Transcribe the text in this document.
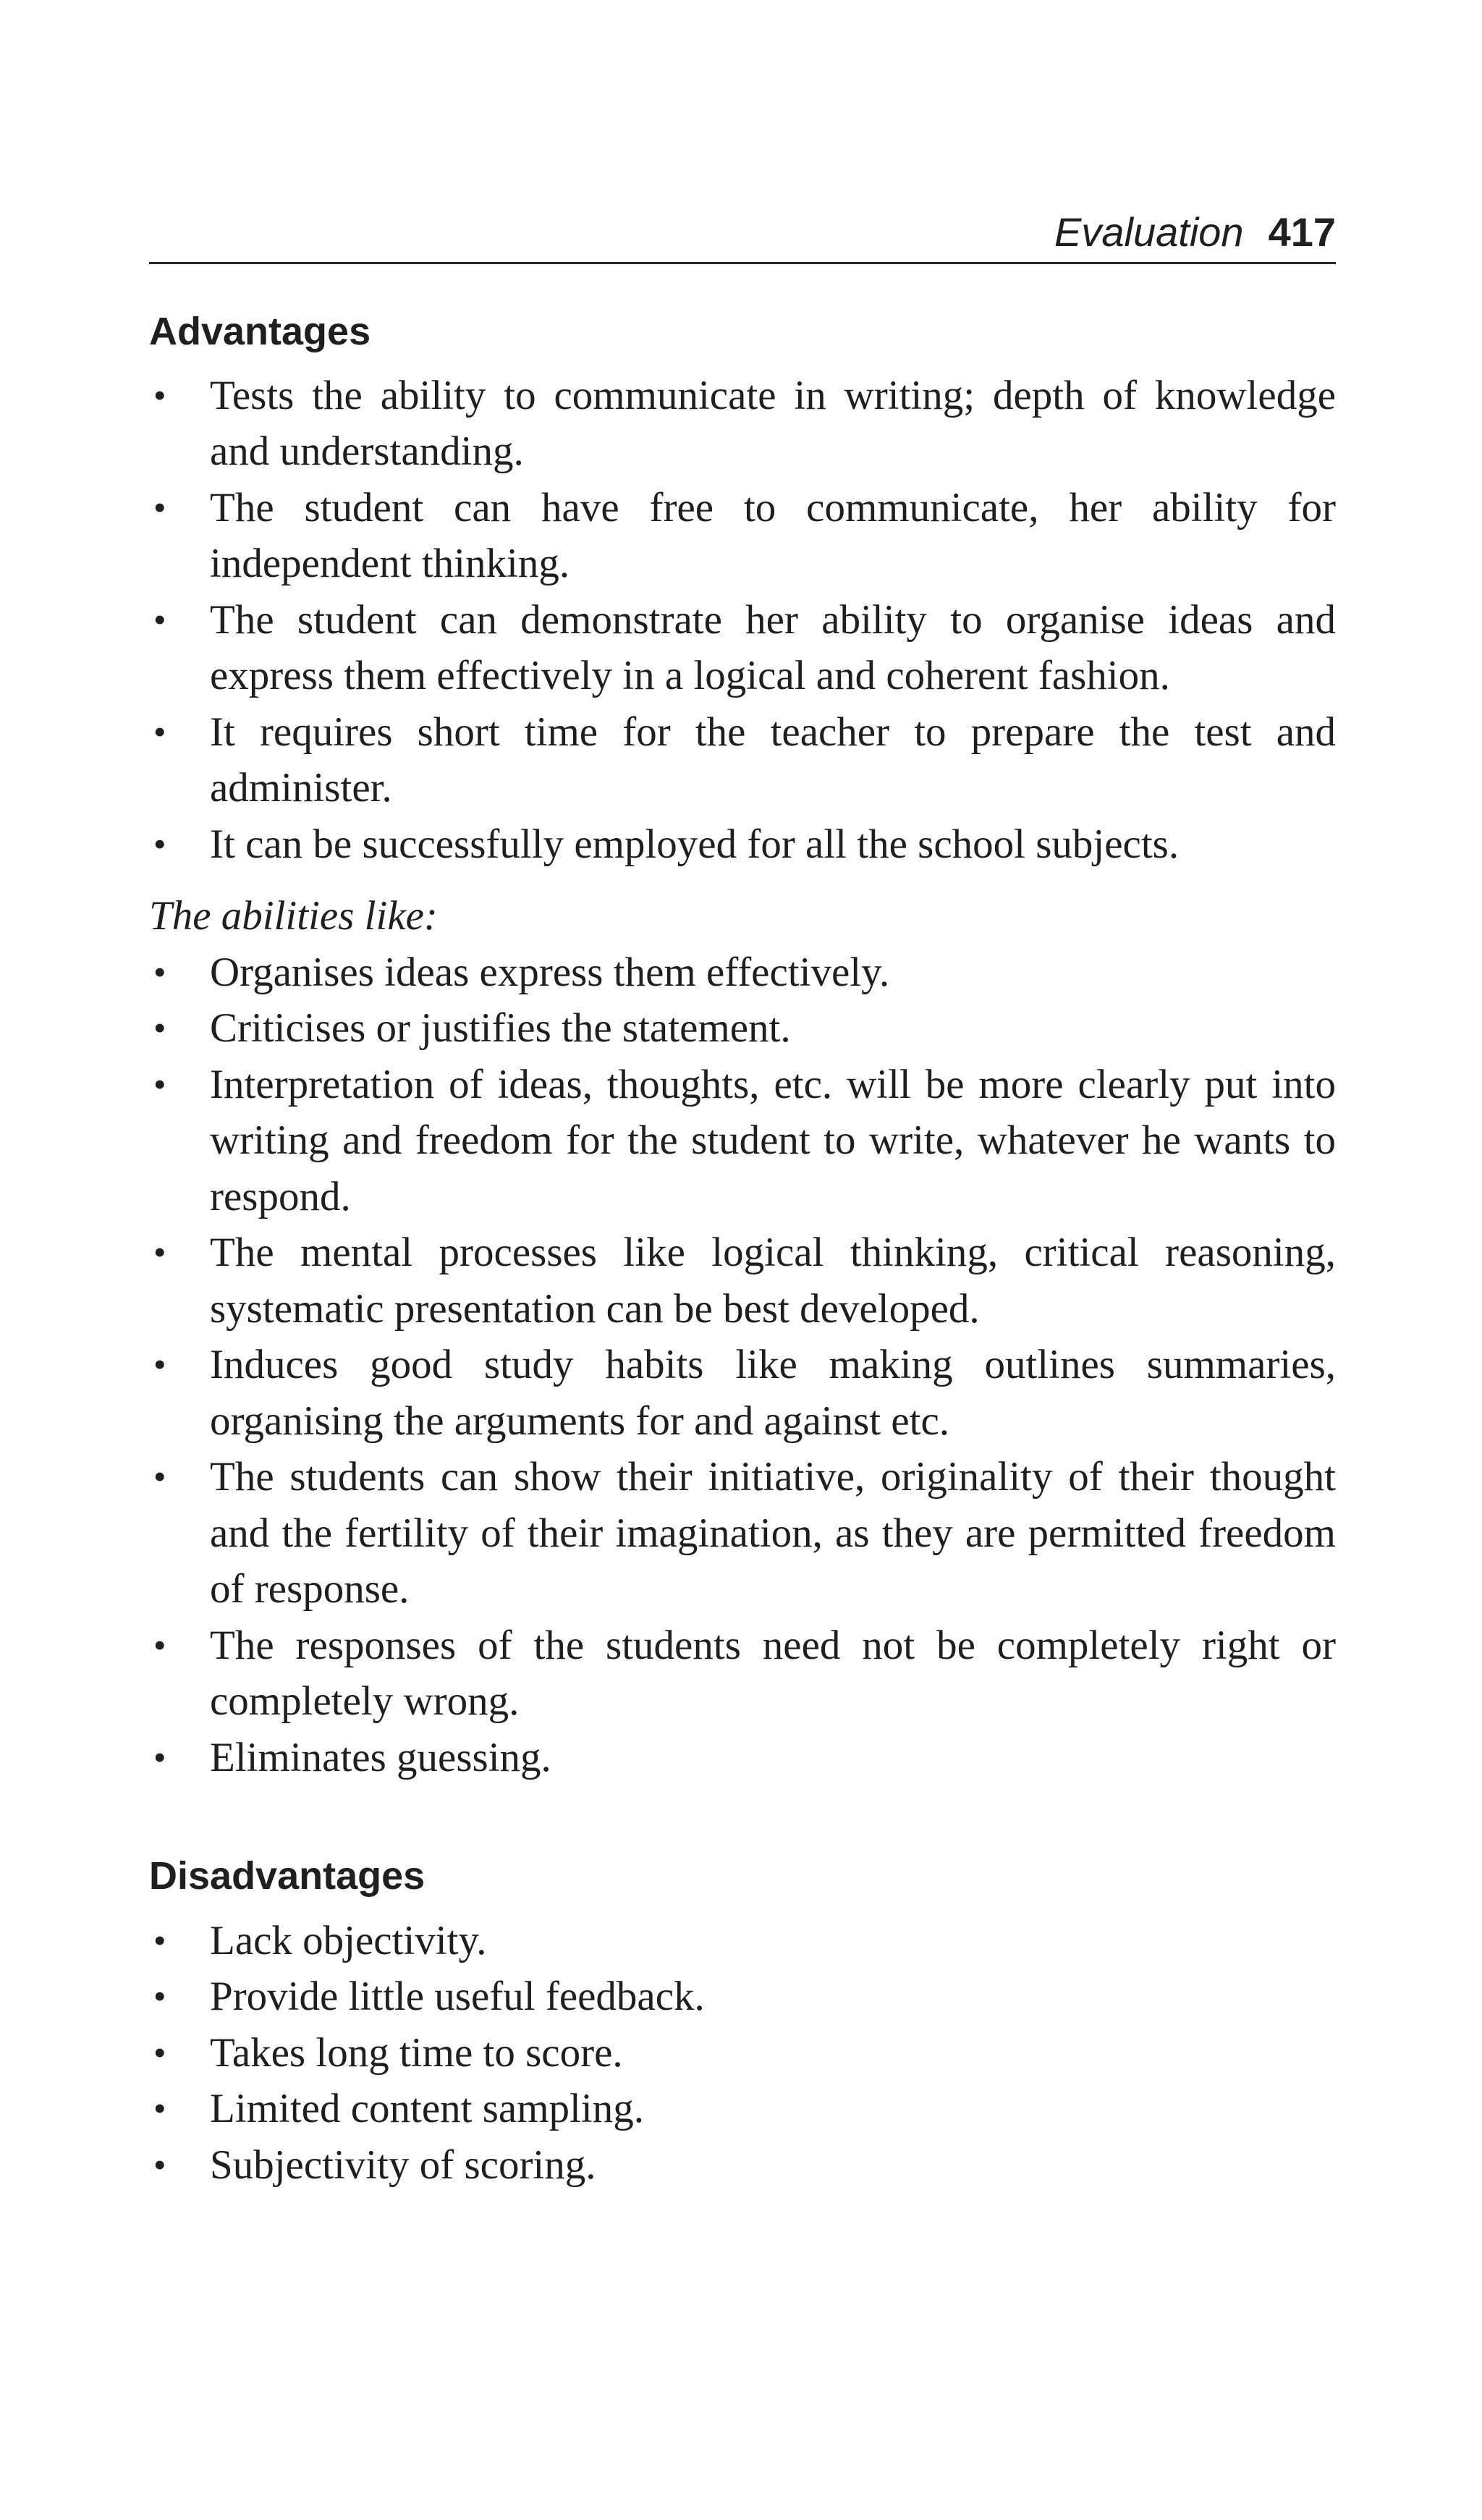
Evaluation 417
Advantages
• Tests the ability to communicate in writing; depth of knowledge and understanding.
• The student can have free to communicate, her ability for independent thinking.
• The student can demonstrate her ability to organise ideas and express them effectively in a logical and coherent fashion.
• It requires short time for the teacher to prepare the test and administer.
• It can be successfully employed for all the school subjects.
The abilities like:
• Organises ideas express them effectively.
• Criticises or justifies the statement.
• Interpretation of ideas, thoughts, etc. will be more clearly put into writing and freedom for the student to write, whatever he wants to respond.
• The mental processes like logical thinking, critical reasoning, systematic presentation can be best developed.
• Induces good study habits like making outlines summaries, organising the arguments for and against etc.
• The students can show their initiative, originality of their thought and the fertility of their imagination, as they are permitted freedom of response.
• The responses of the students need not be completely right or completely wrong.
• Eliminates guessing.
Disadvantages
• Lack objectivity.
• Provide little useful feedback.
• Takes long time to score.
• Limited content sampling.
• Subjectivity of scoring.
